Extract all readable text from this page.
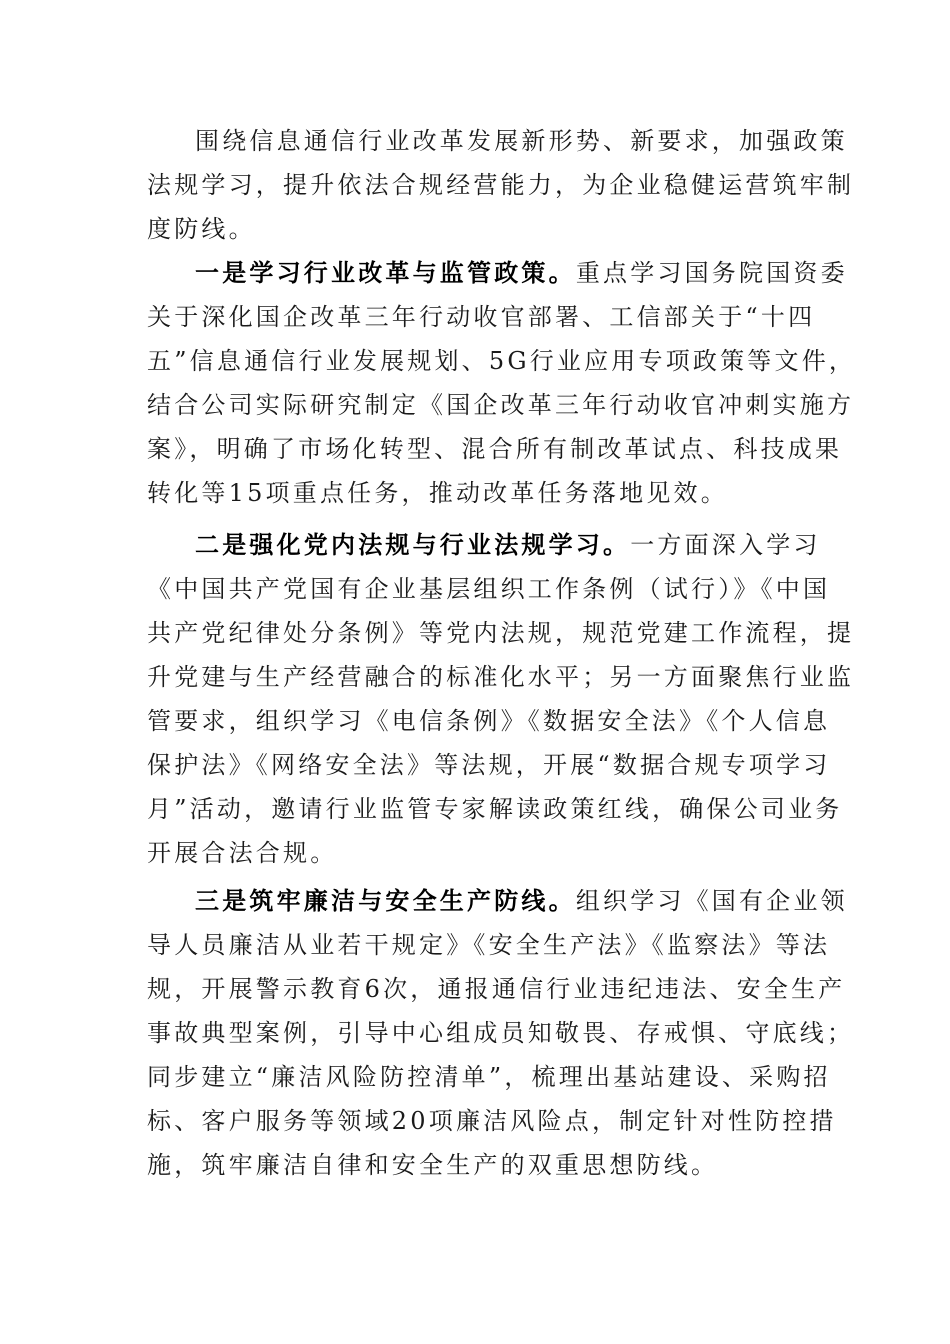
围绕信息通信行业改革发展新形势、新要求，加强政策
法规学习，提升依法合规经营能力，为企业稳健运营筑牢制
度防线。
一是学习行业改革与监管政策。重点学习国务院国资委
关于深化国企改革三年行动收官部署、工信部关于“十四
五”信息通信行业发展规划、5G行业应用专项政策等文件，
结合公司实际研究制定《国企改革三年行动收官冲刺实施方
案》，明确了市场化转型、混合所有制改革试点、科技成果
转化等15项重点任务，推动改革任务落地见效。
二是强化党内法规与行业法规学习。一方面深入学习
《中国共产党国有企业基层组织工作条例（试行）》《中国
共产党纪律处分条例》等党内法规，规范党建工作流程，提
升党建与生产经营融合的标准化水平；另一方面聚焦行业监
管要求，组织学习《电信条例》《数据安全法》《个人信息
保护法》《网络安全法》等法规，开展“数据合规专项学习
月”活动，邀请行业监管专家解读政策红线，确保公司业务
开展合法合规。
三是筑牢廉洁与安全生产防线。组织学习《国有企业领
导人员廉洁从业若干规定》《安全生产法》《监察法》等法
规，开展警示教育6次，通报通信行业违纪违法、安全生产
事故典型案例，引导中心组成员知敬畏、存戒惧、守底线；
同步建立“廉洁风险防控清单”，梳理出基站建设、采购招
标、客户服务等领域20项廉洁风险点，制定针对性防控措
施，筑牢廉洁自律和安全生产的双重思想防线。
